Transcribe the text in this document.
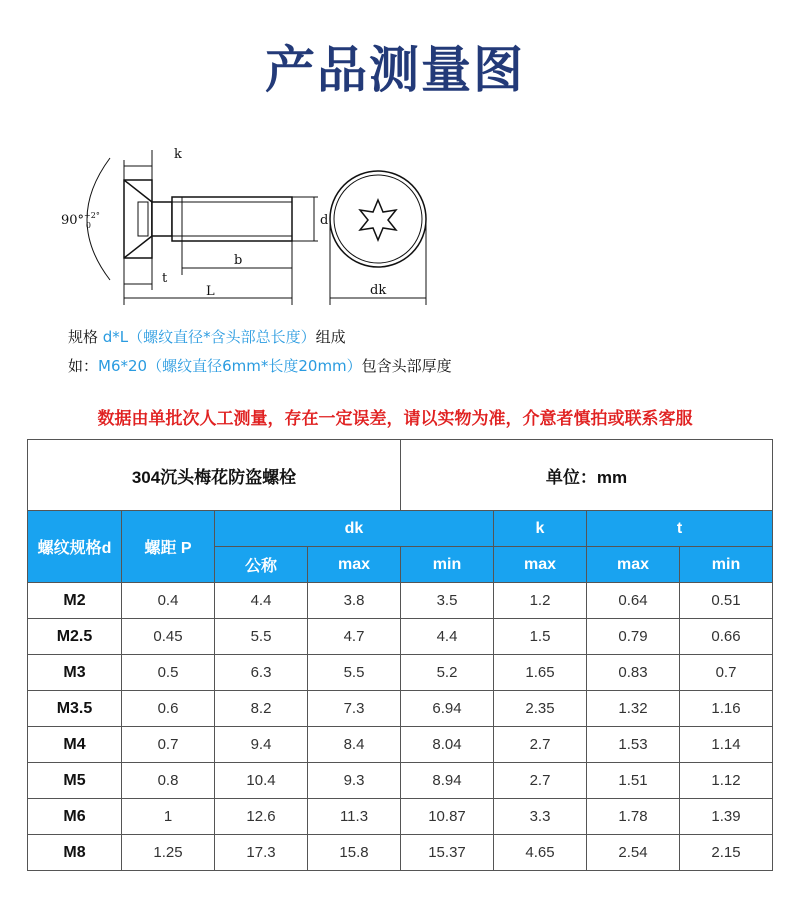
产品测量图
k
90°$^{+2^\circ}$ 0	d
b
t
L	dk
规格 d*L（螺纹直径*含头部总长度）组成
如：M6*20（螺纹直径6mm*长度20mm）包含头部厚度
数据由单批次人工测量，存在一定误差，请以实物为准，介意者慎拍或联系客服
304沉头梅花防盗螺栓				单位：mm			
螺纹规格d	螺距 P	dk			k	t	
		公称	max	min	max	max	min
M2	0.4	4.4	3.8	3.5	1.2	0.64	0.51
M2.5	0.45	5.5	4.7	4.4	1.5	0.79	0.66
M3	0.5	6.3	5.5	5.2	1.65	0.83	0.7
M3.5	0.6	8.2	7.3	6.94	2.35	1.32	1.16
M4	0.7	9.4	8.4	8.04	2.7	1.53	1.14
M5	0.8	10.4	9.3	8.94	2.7	1.51	1.12
M6	1	12.6	11.3	10.87	3.3	1.78	1.39
M8	1.25	17.3	15.8	15.37	4.65	2.54	2.15
